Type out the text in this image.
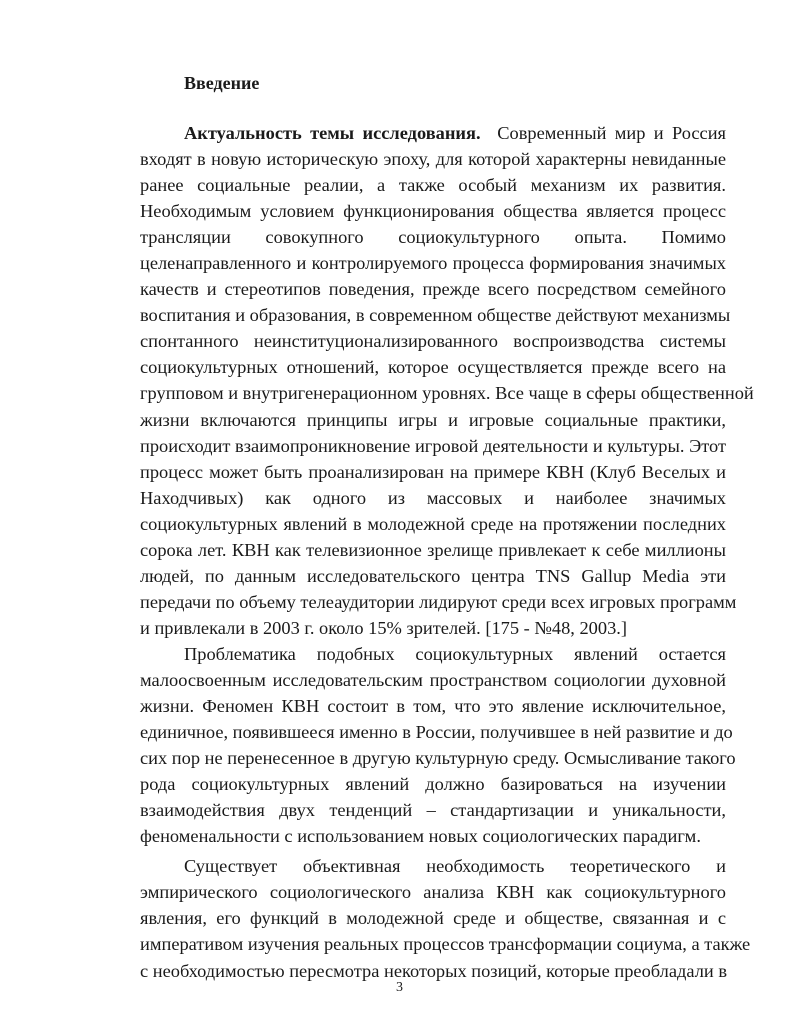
Введение
Актуальность темы исследования. Современный мир и Россия
входят в новую историческую эпоху, для которой характерны невиданные
ранее социальные реалии, а также особый механизм их развития.
Необходимым условием функционирования общества является процесс
трансляции совокупного социокультурного опыта. Помимо
целенаправленного и контролируемого процесса формирования значимых
качеств и стереотипов поведения, прежде всего посредством семейного
воспитания и образования, в современном обществе действуют механизмы
спонтанного неинституционализированного воспроизводства системы
социокультурных отношений, которое осуществляется прежде всего на
групповом и внутригенерационном уровнях. Все чаще в сферы общественной
жизни включаются принципы игры и игровые социальные практики,
происходит взаимопроникновение игровой деятельности и культуры. Этот
процесс может быть проанализирован на примере КВН (Клуб Веселых и
Находчивых) как одного из массовых и наиболее значимых
социокультурных явлений в молодежной среде на протяжении последних
сорока лет. КВН как телевизионное зрелище привлекает к себе миллионы
людей, по данным исследовательского центра TNS Gallup Media эти
передачи по объему телеаудитории лидируют среди всех игровых программ
и привлекали в 2003 г. около 15% зрителей. [175 - №48, 2003.]
Проблематика подобных социокультурных явлений остается
малоосвоенным исследовательским пространством социологии духовной
жизни. Феномен КВН состоит в том, что это явление исключительное,
единичное, появившееся именно в России, получившее в ней развитие и до
сих пор не перенесенное в другую культурную среду. Осмысливание такого
рода социокультурных явлений должно базироваться на изучении
взаимодействия двух тенденций – стандартизации и уникальности,
феноменальности с использованием новых социологических парадигм.
Существует объективная необходимость теоретического и
эмпирического социологического анализа КВН как социокультурного
явления, его функций в молодежной среде и обществе, связанная и с
императивом изучения реальных процессов трансформации социума, а также
с необходимостью пересмотра некоторых позиций, которые преобладали в
3
